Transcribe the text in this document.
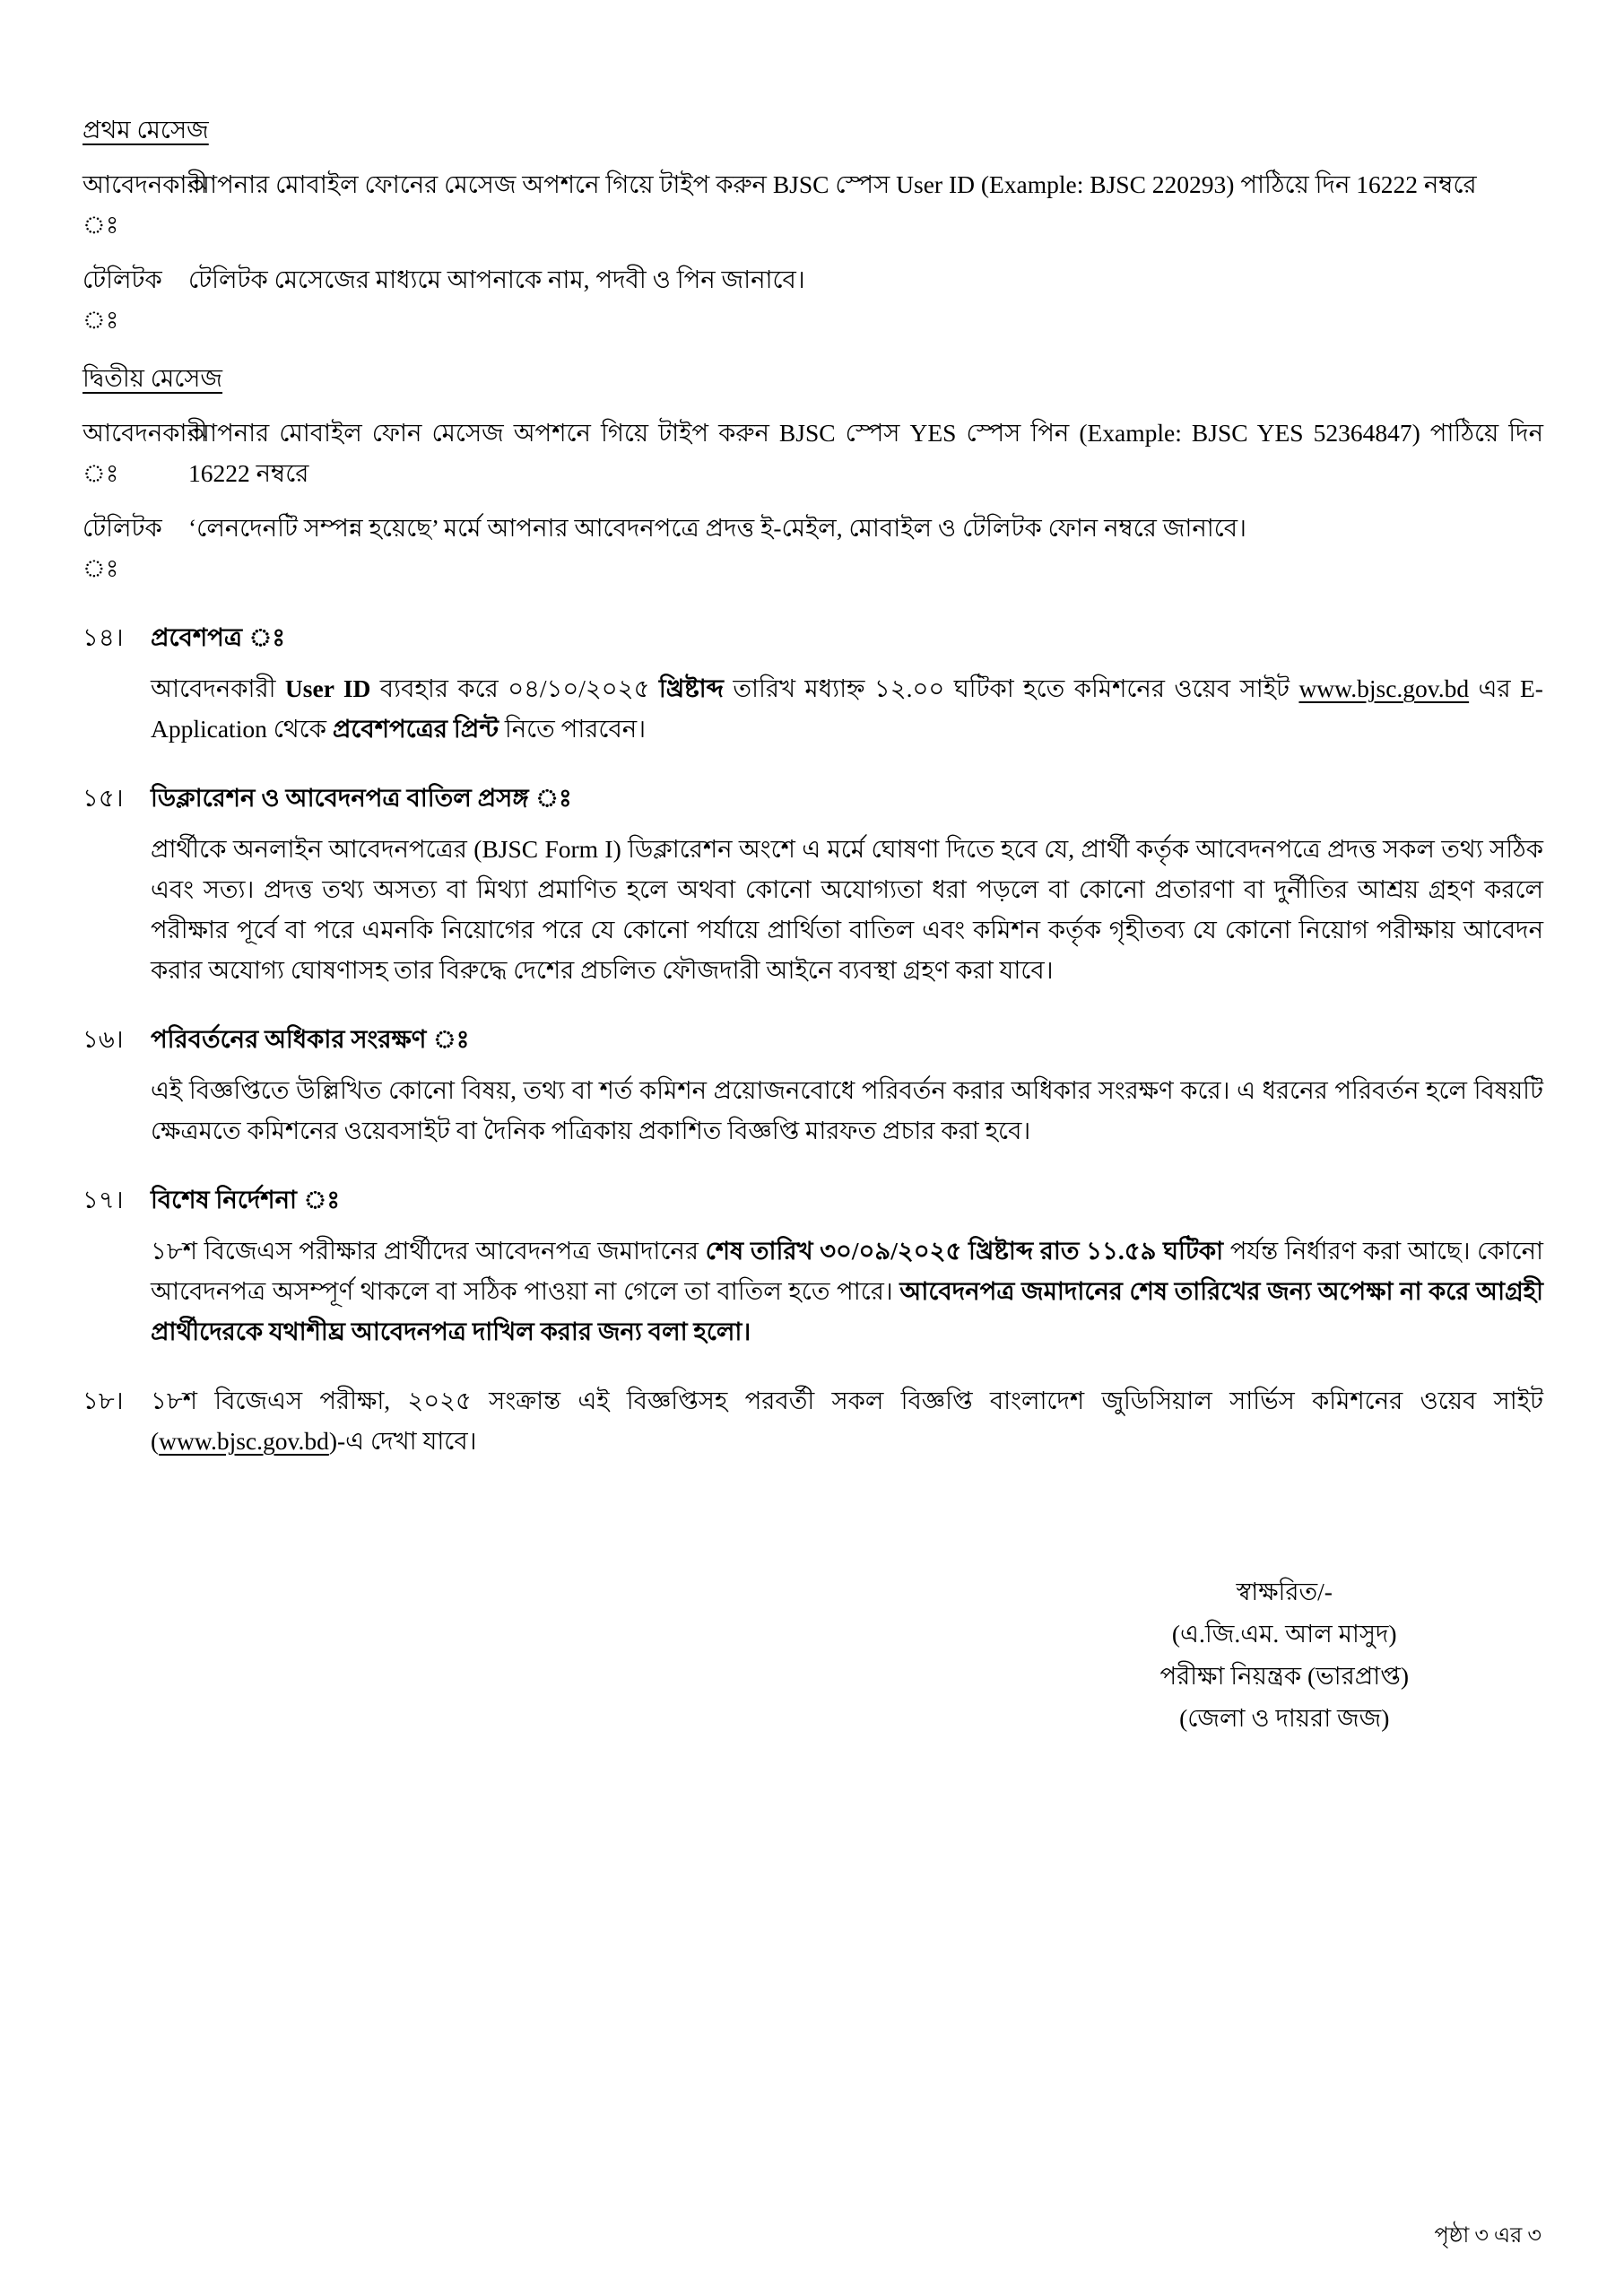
প্রথম মেসেজ
আবেদনকারী ঃ
আপনার মোবাইল ফোনের মেসেজ অপশনে গিয়ে টাইপ করুন BJSC স্পেস User ID (Example: BJSC 220293) পাঠিয়ে দিন 16222 নম্বরে
টেলিটক ঃ
টেলিটক মেসেজের মাধ্যমে আপনাকে নাম, পদবী ও পিন জানাবে।
দ্বিতীয় মেসেজ
আবেদনকারী ঃ
আপনার মোবাইল ফোন মেসেজ অপশনে গিয়ে টাইপ করুন BJSC স্পেস YES স্পেস পিন (Example: BJSC YES 52364847) পাঠিয়ে দিন 16222 নম্বরে
টেলিটক ঃ
‘লেনদেনটি সম্পন্ন হয়েছে’ মর্মে আপনার আবেদনপত্রে প্রদত্ত ই-মেইল, মোবাইল ও টেলিটক ফোন নম্বরে জানাবে।
১৪।	প্রবেশপত্র ঃ
আবেদনকারী User ID ব্যবহার করে ০৪/১০/২০২৫ খ্রিষ্টাব্দ তারিখ মধ্যাহ্ন ১২.০০ ঘটিকা হতে কমিশনের ওয়েব সাইট www.bjsc.gov.bd এর E-Application থেকে প্রবেশপত্রের প্রিন্ট নিতে পারবেন।
১৫।	ডিক্লারেশন ও আবেদনপত্র বাতিল প্রসঙ্গ ঃ
প্রার্থীকে অনলাইন আবেদনপত্রের (BJSC Form I) ডিক্লারেশন অংশে এ মর্মে ঘোষণা দিতে হবে যে, প্রার্থী কর্তৃক আবেদনপত্রে প্রদত্ত সকল তথ্য সঠিক এবং সত্য। প্রদত্ত তথ্য অসত্য বা মিথ্যা প্রমাণিত হলে অথবা কোনো অযোগ্যতা ধরা পড়লে বা কোনো প্রতারণা বা দুর্নীতির আশ্রয় গ্রহণ করলে পরীক্ষার পূর্বে বা পরে এমনকি নিয়োগের পরে যে কোনো পর্যায়ে প্রার্থিতা বাতিল এবং কমিশন কর্তৃক গৃহীতব্য যে কোনো নিয়োগ পরীক্ষায় আবেদন করার অযোগ্য ঘোষণাসহ তার বিরুদ্ধে দেশের প্রচলিত ফৌজদারী আইনে ব্যবস্থা গ্রহণ করা যাবে।
১৬।	পরিবর্তনের অধিকার সংরক্ষণ ঃ
এই বিজ্ঞপ্তিতে উল্লিখিত কোনো বিষয়, তথ্য বা শর্ত কমিশন প্রয়োজনবোধে পরিবর্তন করার অধিকার সংরক্ষণ করে। এ ধরনের পরিবর্তন হলে বিষয়টি ক্ষেত্রমতে কমিশনের ওয়েবসাইট বা দৈনিক পত্রিকায় প্রকাশিত বিজ্ঞপ্তি মারফত প্রচার করা হবে।
১৭।	বিশেষ নির্দেশনা ঃ
১৮শ বিজেএস পরীক্ষার প্রার্থীদের আবেদনপত্র জমাদানের শেষ তারিখ ৩০/০৯/২০২৫ খ্রিষ্টাব্দ রাত ১১.৫৯ ঘটিকা পর্যন্ত নির্ধারণ করা আছে। কোনো আবেদনপত্র অসম্পূর্ণ থাকলে বা সঠিক পাওয়া না গেলে তা বাতিল হতে পারে। আবেদনপত্র জমাদানের শেষ তারিখের জন্য অপেক্ষা না করে আগ্রহী প্রার্থীদেরকে যথাশীঘ্র আবেদনপত্র দাখিল করার জন্য বলা হলো।
১৮।	১৮শ বিজেএস পরীক্ষা, ২০২৫ সংক্রান্ত এই বিজ্ঞপ্তিসহ পরবর্তী সকল বিজ্ঞপ্তি বাংলাদেশ জুডিসিয়াল সার্ভিস কমিশনের ওয়েব সাইট (www.bjsc.gov.bd)-এ দেখা যাবে।
স্বাক্ষরিত/-
(এ.জি.এম. আল মাসুদ)
পরীক্ষা নিয়ন্ত্রক (ভারপ্রাপ্ত)
(জেলা ও দায়রা জজ)
পৃষ্ঠা ৩ এর ৩
